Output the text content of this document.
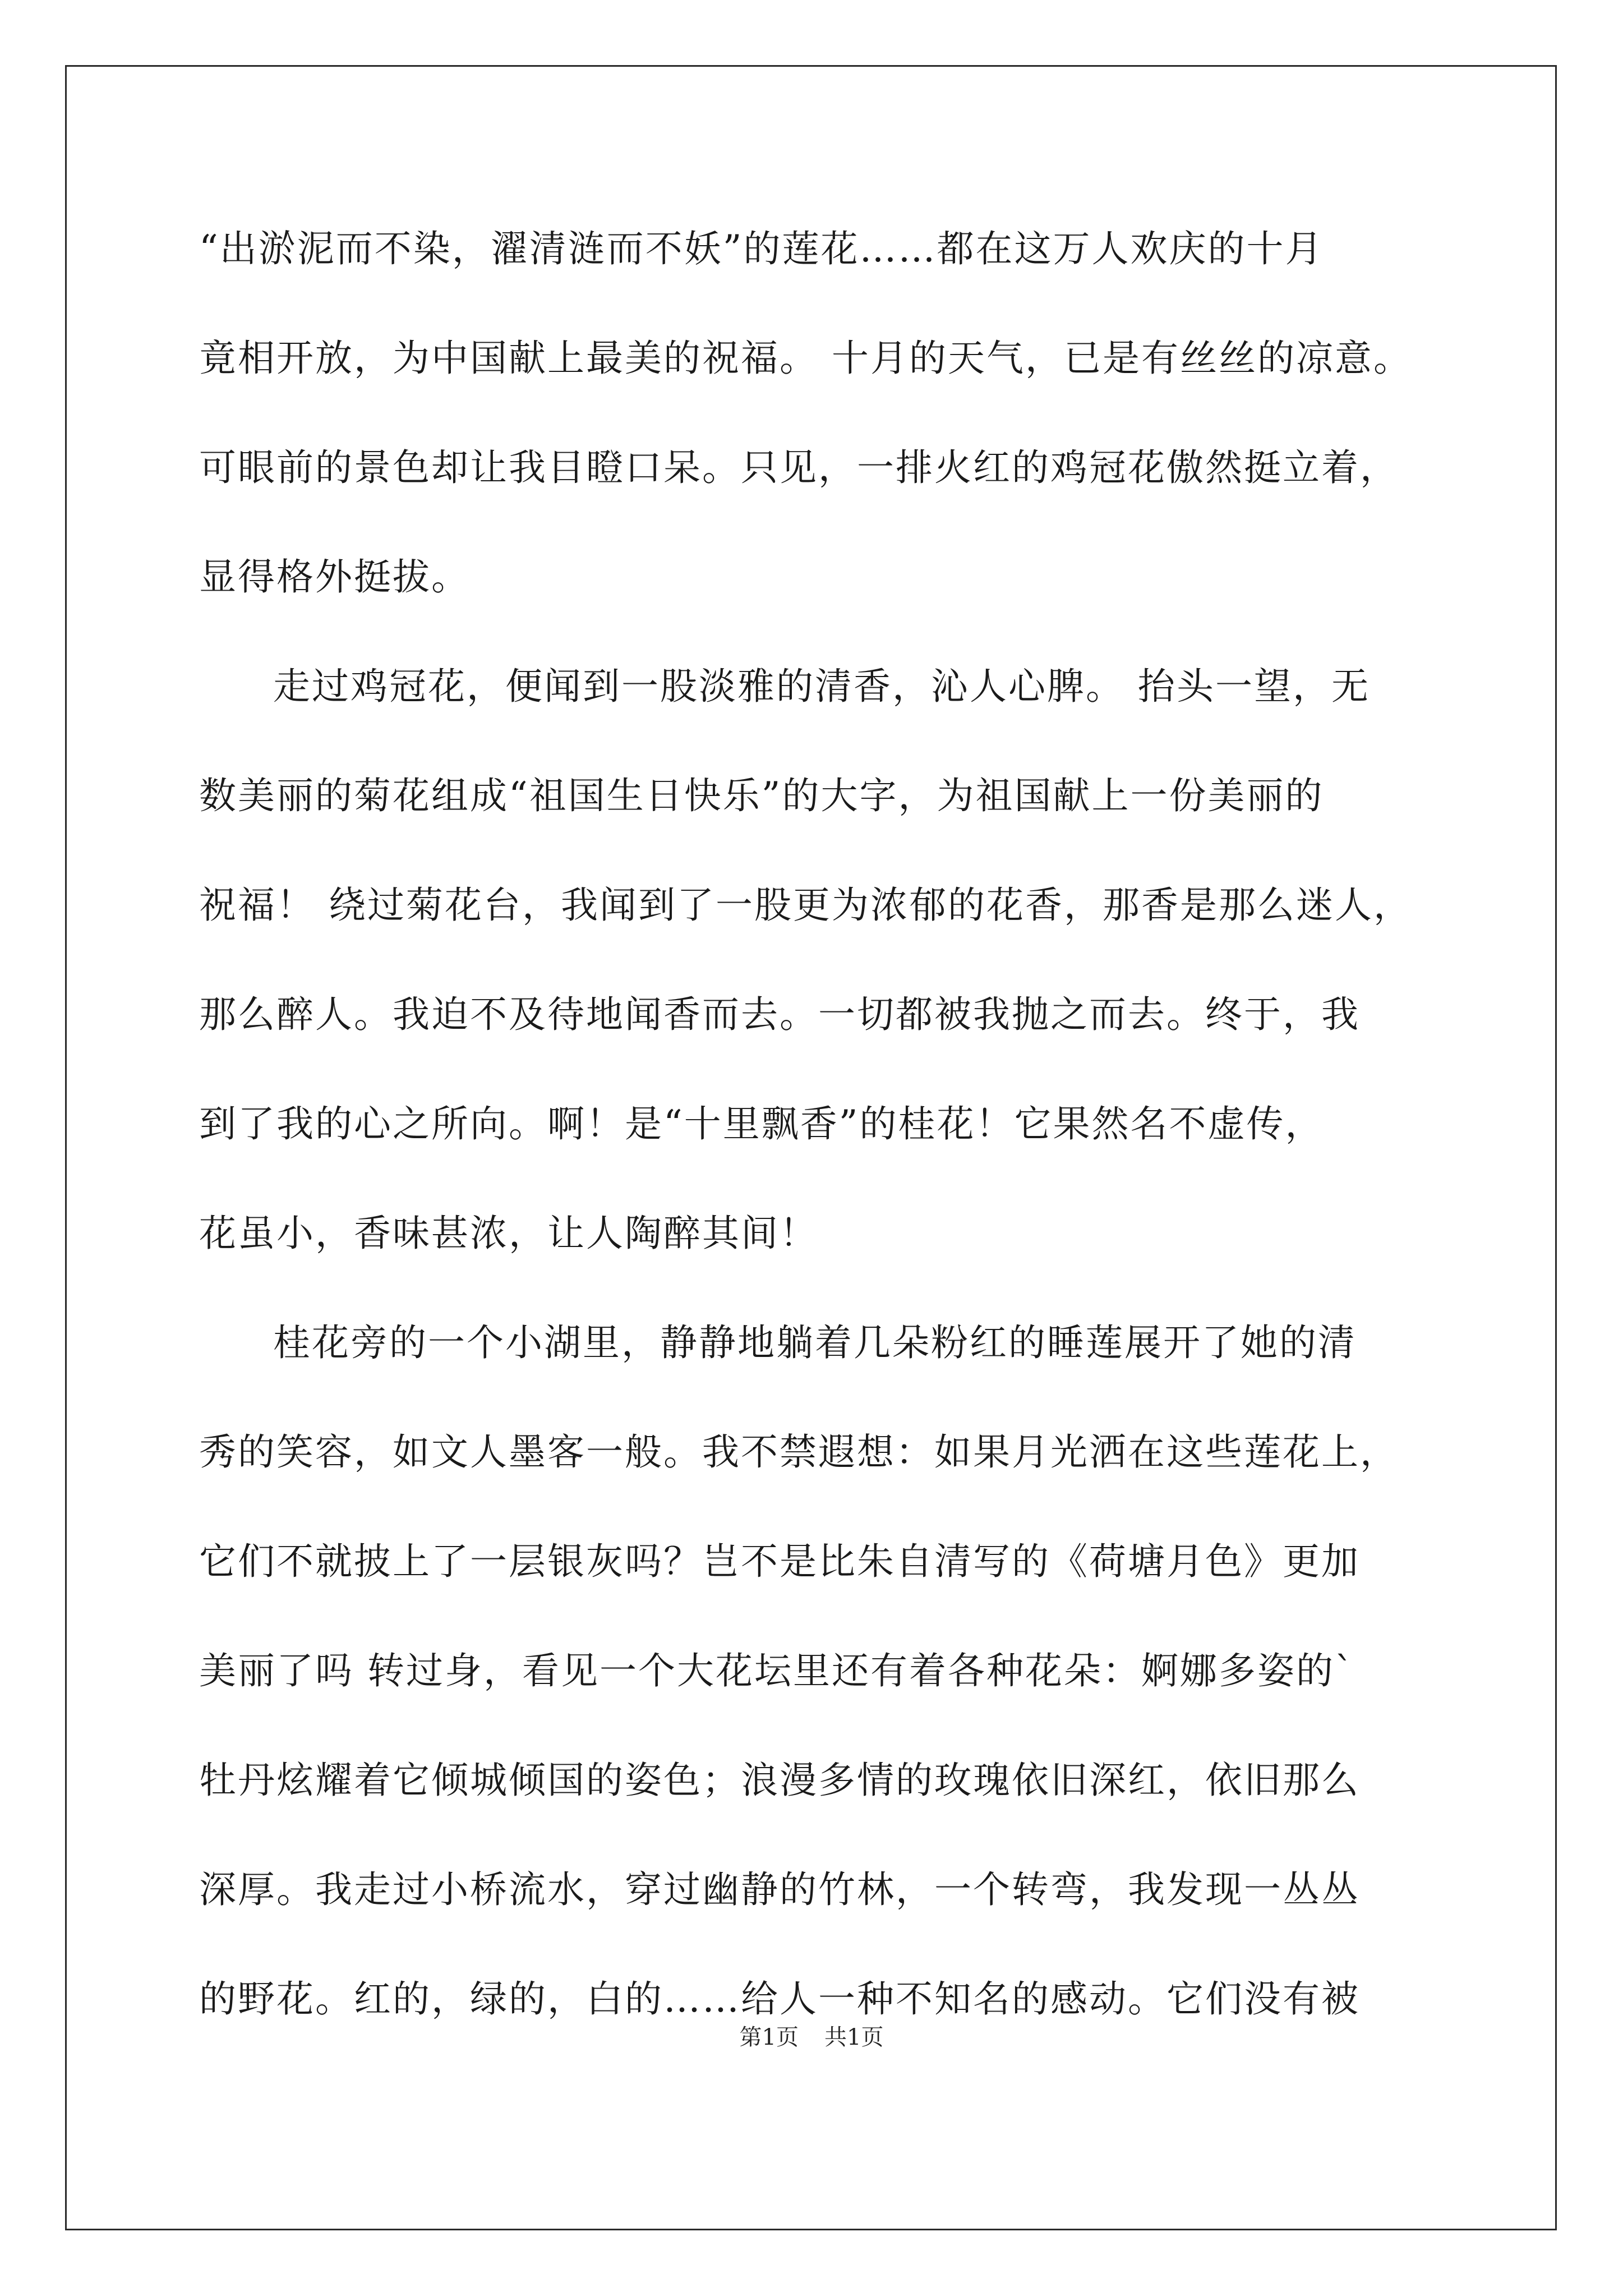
“出淤泥而不染，濯清涟而不妖”的莲花……都在这万人欢庆的十月
竟相开放，为中国献上最美的祝福。 十月的天气，已是有丝丝的凉意。
可眼前的景色却让我目瞪口呆。只见，一排火红的鸡冠花傲然挺立着，
显得格外挺拔。
走过鸡冠花，便闻到一股淡雅的清香，沁人心脾。 抬头一望，无
数美丽的菊花组成“祖国生日快乐”的大字，为祖国献上一份美丽的
祝福！ 绕过菊花台，我闻到了一股更为浓郁的花香，那香是那么迷人，
那么醉人。我迫不及待地闻香而去。一切都被我抛之而去。终于，我
到了我的心之所向。啊！是“十里飘香”的桂花！它果然名不虚传，
花虽小，香味甚浓，让人陶醉其间！
桂花旁的一个小湖里，静静地躺着几朵粉红的睡莲展开了她的清
秀的笑容，如文人墨客一般。我不禁遐想：如果月光洒在这些莲花上，
它们不就披上了一层银灰吗？岂不是比朱自清写的《荷塘月色》更加
美丽了吗 转过身，看见一个大花坛里还有着各种花朵：婀娜多姿的`
牡丹炫耀着它倾城倾国的姿色；浪漫多情的玫瑰依旧深红，依旧那么
深厚。我走过小桥流水，穿过幽静的竹林，一个转弯，我发现一丛丛
的野花。红的，绿的，白的……给人一种不知名的感动。它们没有被
第1页 共1页
